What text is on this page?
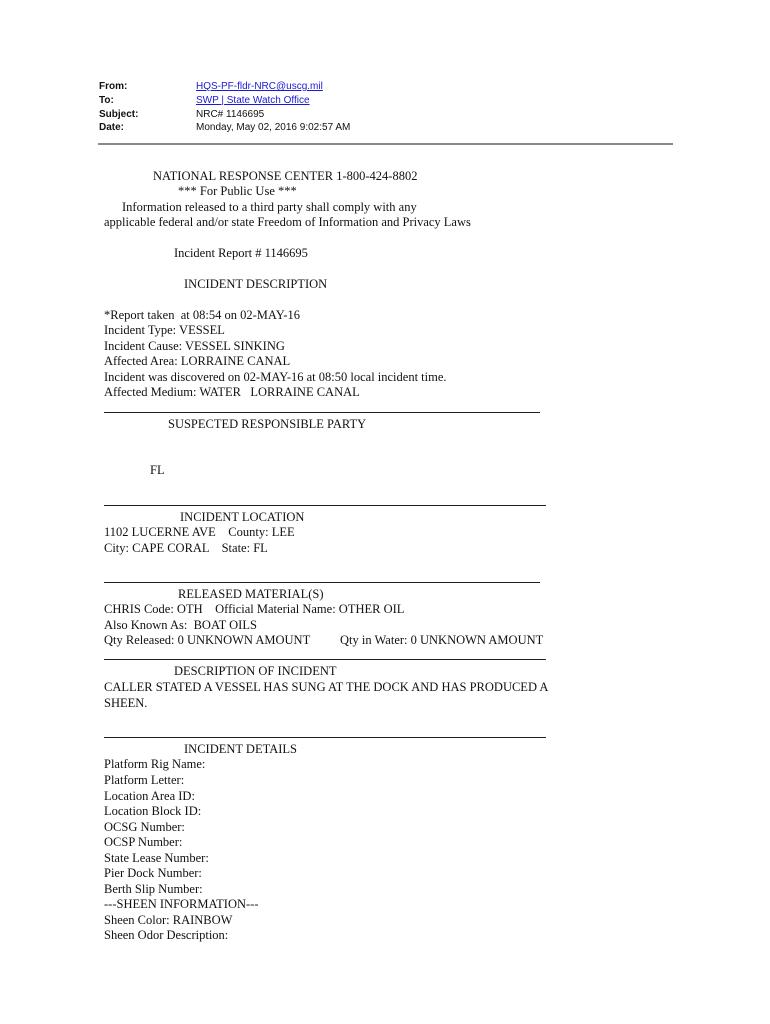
From:	HQS-PF-fldr-NRC@uscg.mil
To:	SWP | State Watch Office
Subject:	NRC# 1146695
Date:	Monday, May 02, 2016 9:02:57 AM
NATIONAL RESPONSE CENTER 1-800-424-8802
*** For Public Use ***
Information released to a third party shall comply with any
applicable federal and/or state Freedom of Information and Privacy Laws
Incident Report # 1146695
INCIDENT DESCRIPTION
*Report taken  at 08:54 on 02-MAY-16
Incident Type: VESSEL
Incident Cause: VESSEL SINKING
Affected Area: LORRAINE CANAL
Incident was discovered on 02-MAY-16 at 08:50 local incident time.
Affected Medium: WATER   LORRAINE CANAL
SUSPECTED RESPONSIBLE PARTY
FL
INCIDENT LOCATION
1102 LUCERNE AVE    County: LEE
City: CAPE CORAL    State: FL
RELEASED MATERIAL(S)
CHRIS Code: OTH    Official Material Name: OTHER OIL
Also Known As:  BOAT OILS
Qty Released: 0 UNKNOWN AMOUNT Qty in Water: 0 UNKNOWN AMOUNT
DESCRIPTION OF INCIDENT
CALLER STATED A VESSEL HAS SUNG AT THE DOCK AND HAS PRODUCED A
SHEEN.
INCIDENT DETAILS
Platform Rig Name:
Platform Letter:
Location Area ID:
Location Block ID:
OCSG Number:
OCSP Number:
State Lease Number:
Pier Dock Number:
Berth Slip Number:
---SHEEN INFORMATION---
Sheen Color: RAINBOW
Sheen Odor Description:
